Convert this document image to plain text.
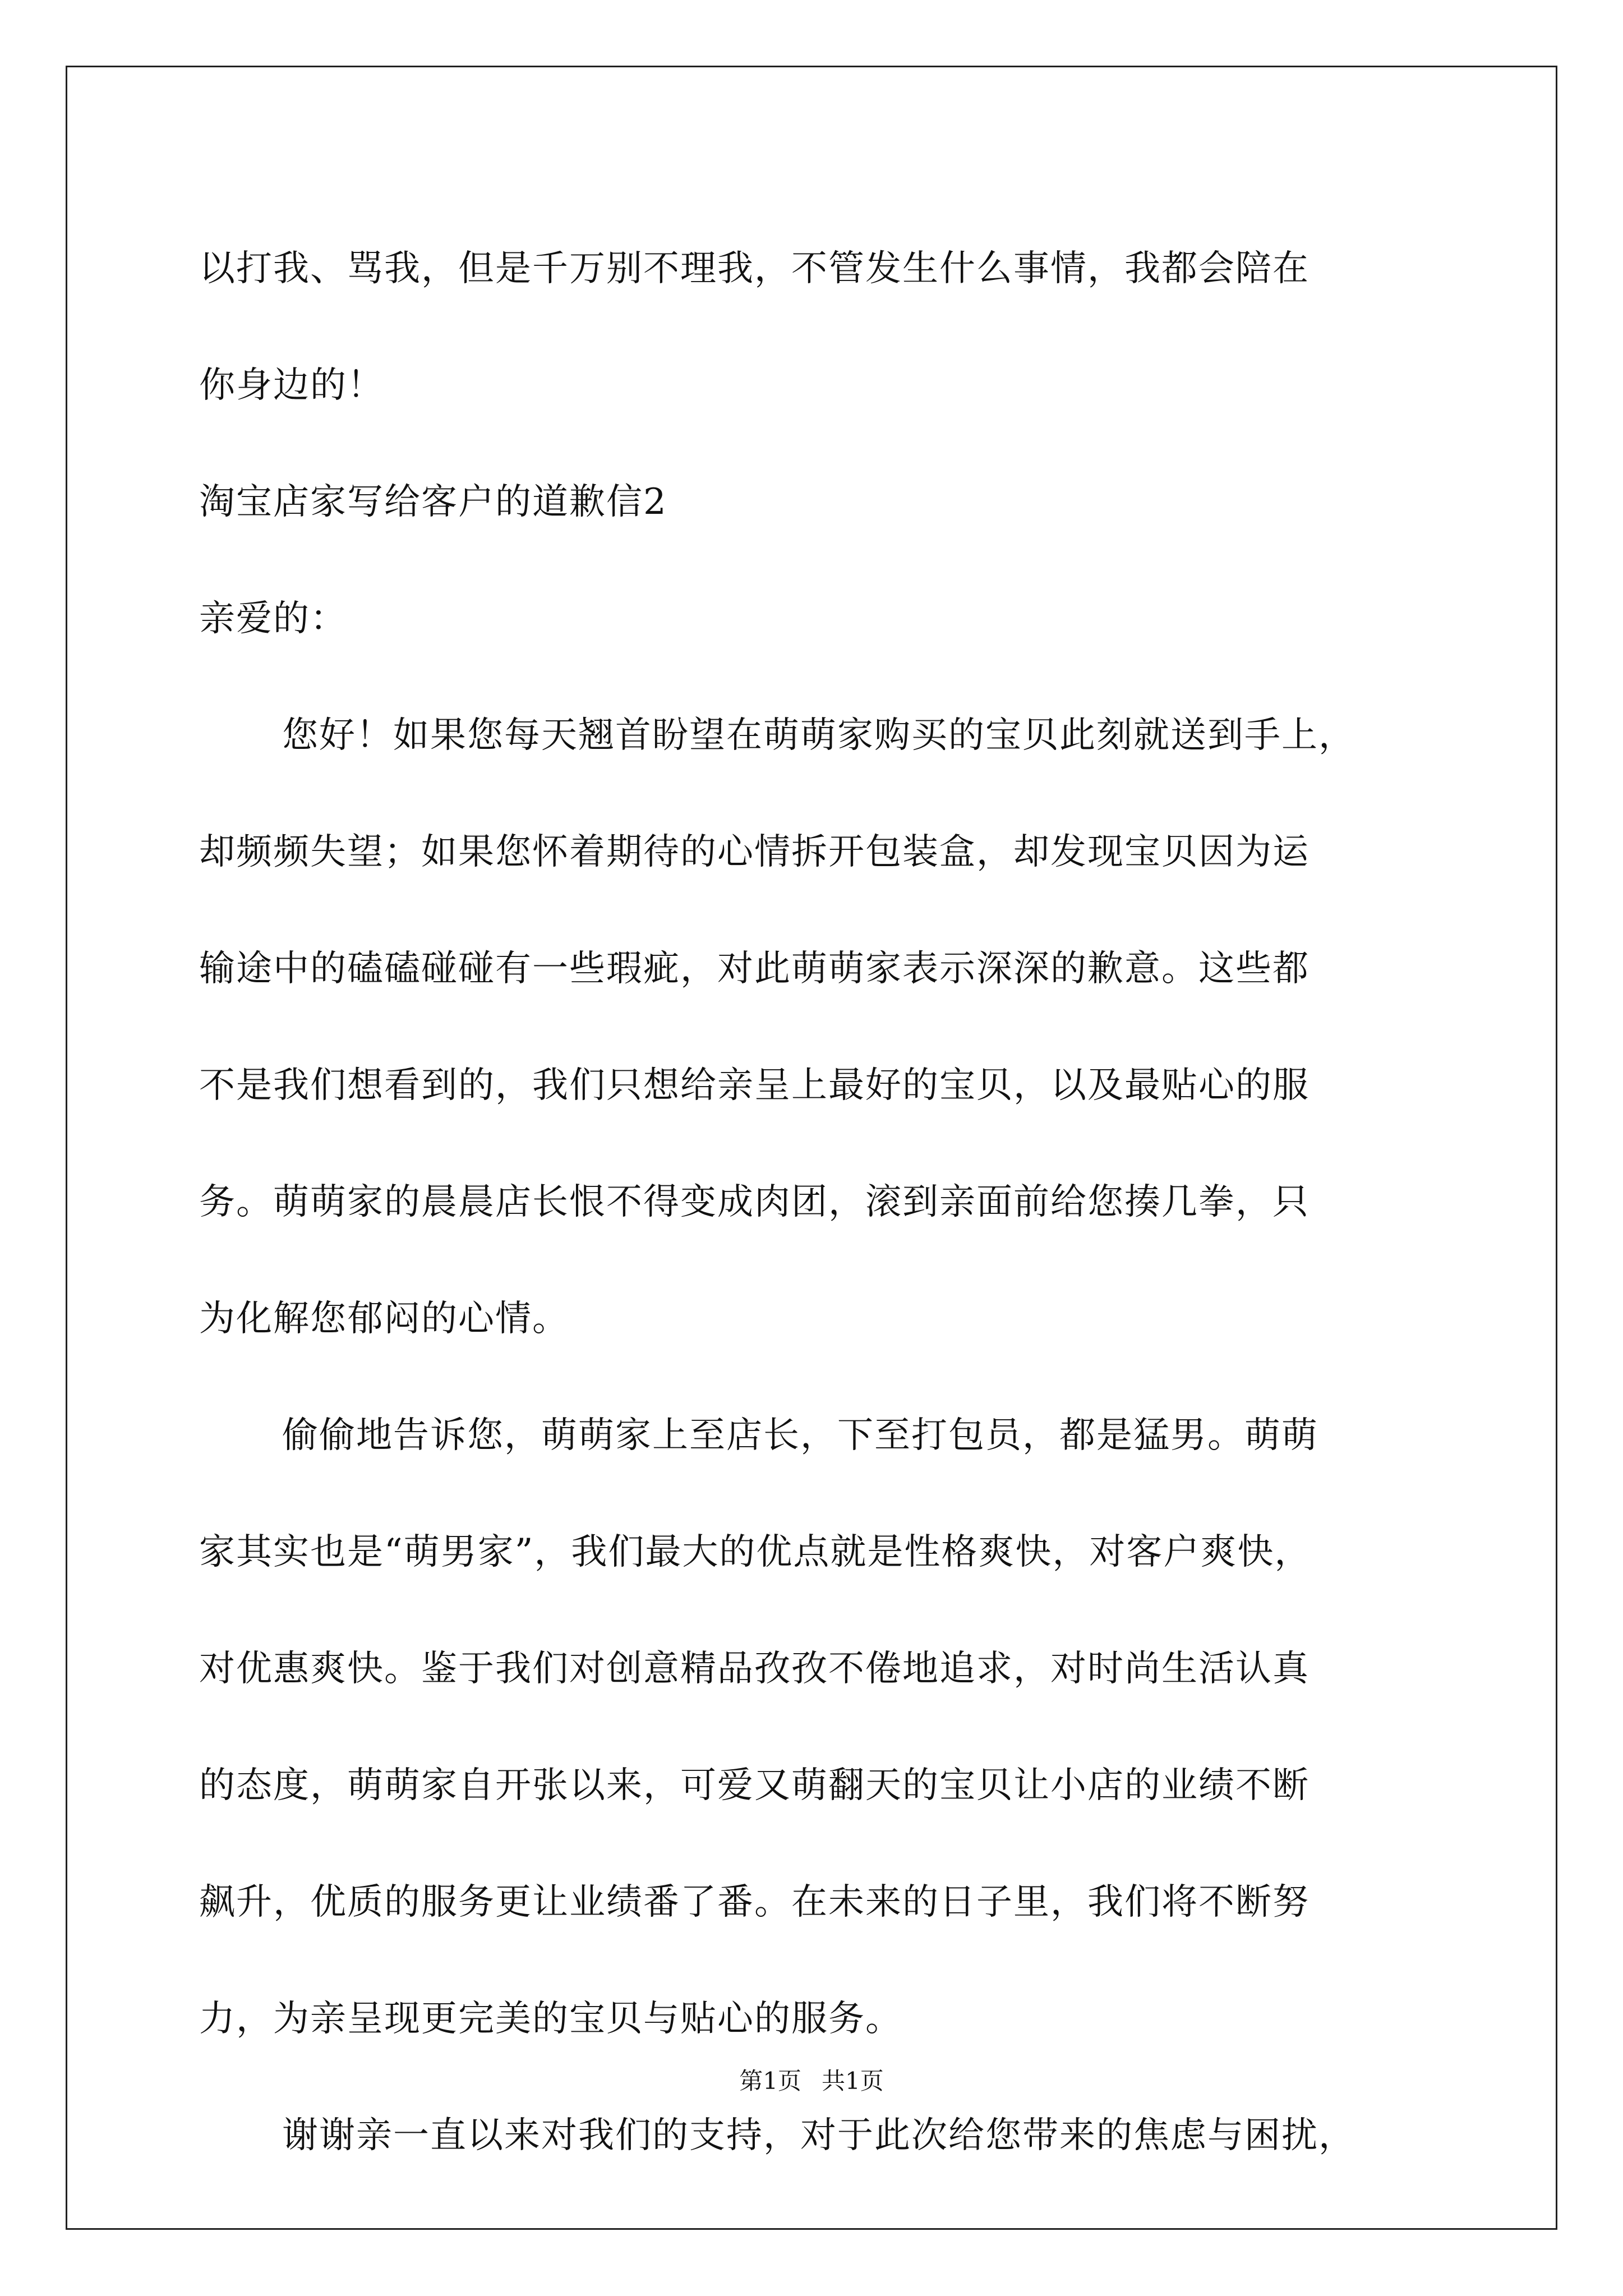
以打我、骂我，但是千万别不理我，不管发生什么事情，我都会陪在
你身边的！
淘宝店家写给客户的道歉信2
亲爱的：
您好！如果您每天翘首盼望在萌萌家购买的宝贝此刻就送到手上，
却频频失望；如果您怀着期待的心情拆开包装盒，却发现宝贝因为运
输途中的磕磕碰碰有一些瑕疵，对此萌萌家表示深深的歉意。这些都
不是我们想看到的，我们只想给亲呈上最好的宝贝，以及最贴心的服
务。萌萌家的晨晨店长恨不得变成肉团，滚到亲面前给您揍几拳，只
为化解您郁闷的心情。
偷偷地告诉您，萌萌家上至店长，下至打包员，都是猛男。萌萌
家其实也是“萌男家”，我们最大的优点就是性格爽快，对客户爽快，
对优惠爽快。鉴于我们对创意精品孜孜不倦地追求，对时尚生活认真
的态度，萌萌家自开张以来，可爱又萌翻天的宝贝让小店的业绩不断
飙升，优质的服务更让业绩番了番。在未来的日子里，我们将不断努
力，为亲呈现更完美的宝贝与贴心的服务。
谢谢亲一直以来对我们的支持，对于此次给您带来的焦虑与困扰，
第1页 共1页
